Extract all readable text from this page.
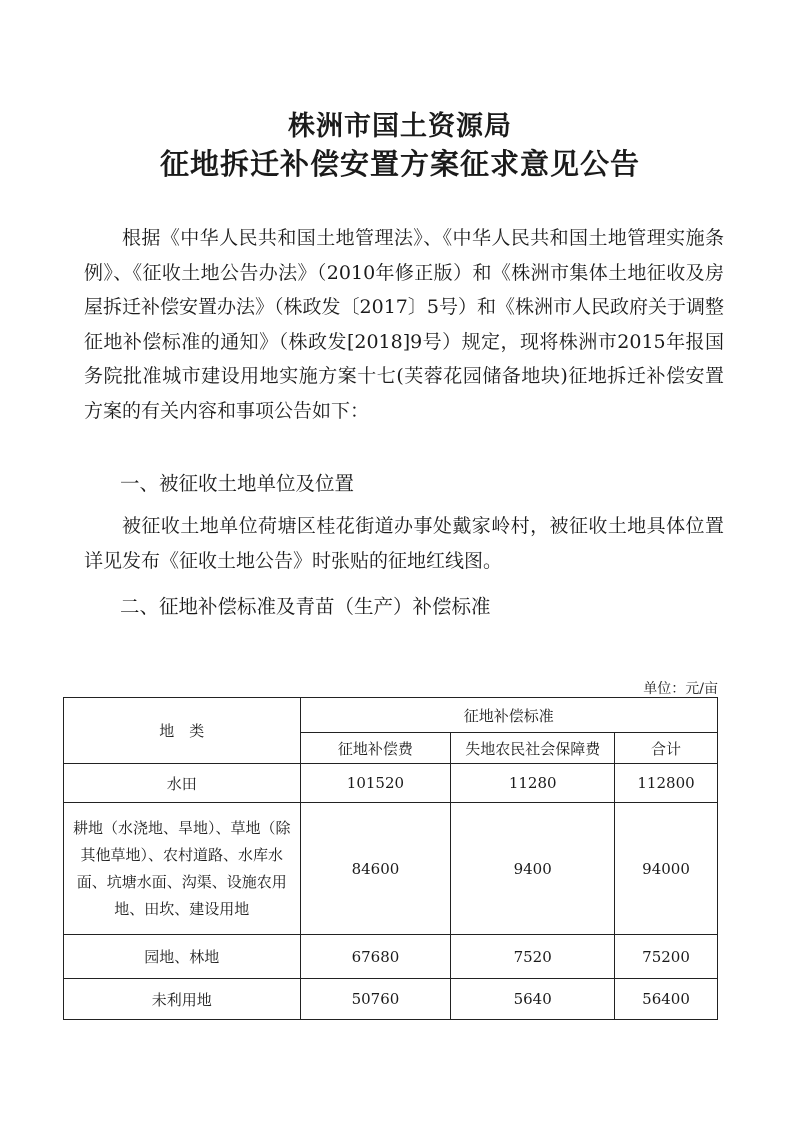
株洲市国土资源局
征地拆迁补偿安置方案征求意见公告
根据《中华人民共和国土地管理法》、《中华人民共和国土地管理实施条例》、《征收土地公告办法》（2010年修正版）和《株洲市集体土地征收及房屋拆迁补偿安置办法》（株政发〔2017〕5号）和《株洲市人民政府关于调整征地补偿标准的通知》（株政发[2018]9号）规定，现将株洲市2015年报国务院批准城市建设用地实施方案十七(芙蓉花园储备地块)征地拆迁补偿安置方案的有关内容和事项公告如下：
一、被征收土地单位及位置
被征收土地单位荷塘区桂花街道办事处戴家岭村，被征收土地具体位置详见发布《征收土地公告》时张贴的征地红线图。
二、征地补偿标准及青苗（生产）补偿标准
单位：元/亩
地　类	征地补偿标准		
	征地补偿费	失地农民社会保障费	合计
水田	101520	11280	112800
耕地（水浇地、旱地）、草地（除其他草地）、农村道路、水库水面、坑塘水面、沟渠、设施农用地、田坎、建设用地	84600	9400	94000
园地、林地	67680	7520	75200
未利用地	50760	5640	56400
